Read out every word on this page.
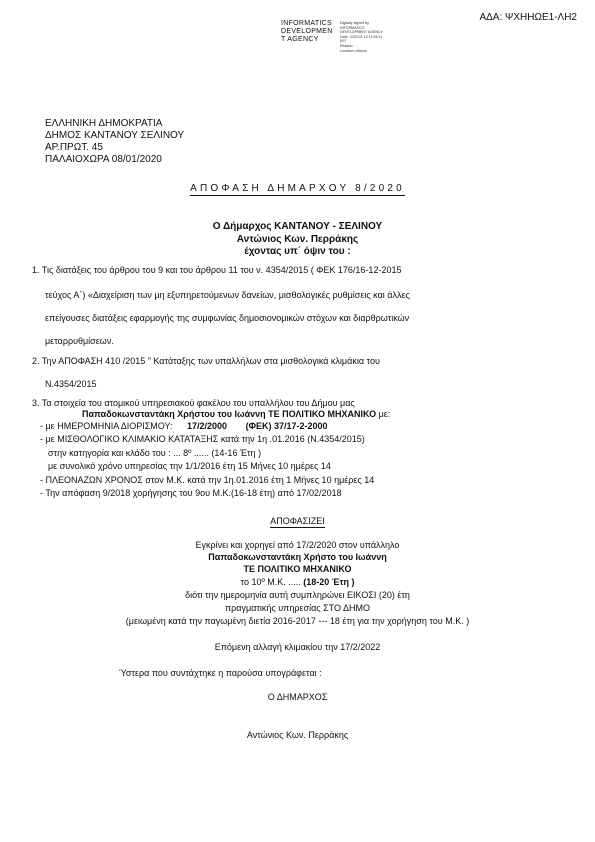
ΑΔΑ: ΨΧΗΗΩΕ1-ΛΗ2
INFORMATICS
DEVELOPMEN
T AGENCY
Digitally signed by
INFORMATICS
DEVELOPMENT AGENCY
Date: 2020.01.13 11:25:21
EET
Reason:
Location: Athens
ΕΛΛΗΝΙΚΗ ΔΗΜΟΚΡΑΤΙΑ
ΔΗΜΟΣ ΚΑΝΤΑΝΟΥ ΣΕΛΙΝΟΥ
ΑΡ.ΠΡΩΤ. 45
ΠΑΛΑΙΟΧΩΡΑ 08/01/2020
ΑΠΟΦΑΣΗ ΔΗΜΑΡΧΟΥ 8/2020
Ο Δήμαρχος ΚΑΝΤΑΝΟΥ - ΣΕΛΙΝΟΥ
Αντώνιος Κων. Περράκης
έχοντας υπ΄ όψιν του :
1. Τις διατάξεις του άρθρου του 9 και του άρθρου 11 του ν. 4354/2015 ( ΦΕΚ 176/16-12-2015
τεύχος Α΄) «Διαχείριση των μη εξυπηρετούμενων δανείων, μισθολογικές ρυθμίσεις και άλλες
επείγουσες διατάξεις εφαρμογής της συμφωνίας δημοσιονομικών στόχων και διαρθρωτικών
μεταρρυθμίσεων.
2. Την ΑΠΟΦΑΣΗ 410 /2015 " Κατάταξης των υπαλλήλων στα μισθολογικά κλιμάκια του
Ν.4354/2015
3. Τα στοιχεία του ατομικού υπηρεσιακού φακέλου του υπαλλήλου του Δήμου μας
Παπαδοκωνσταντάκη Χρήστου του Ιωάννη ΤΕ ΠΟΛΙΤΙΚΟ ΜΗΧΑΝΙΚΟ με:
- με ΗΜΕΡΟΜΗΝΙΑ ΔΙΟΡΙΣΜΟΥ: 17/2/2000 (ΦΕΚ) 37/17-2-2000
- με ΜΙΣΘΟΛΟΓΙΚΟ ΚΛΙΜΑΚΙΟ ΚΑΤΑΤΑΞΗΣ κατά την 1η .01.2016 (Ν.4354/2015)
στην κατηγορία και κλάδο του : ... 8º ...... (14-16 Έτη )
με συνολικό χρόνο υπηρεσίας την 1/1/2016 έτη 15 Μήνες 10 ημέρες 14
- ΠΛΕΟΝΑΖΩΝ ΧΡΟΝΟΣ στον Μ.Κ. κατά την 1η.01.2016 έτη 1 Μήνες 10 ημέρες 14
- Την απόφαση 9/2018 χορήγησης του 9ου Μ.Κ.(16-18 έτη) από 17/02/2018
ΑΠΟΦΑΣΙΖΕΙ
Εγκρίνει και χορηγεί από 17/2/2020 στον υπάλληλο
Παπαδοκωνσταντάκη Χρήστο του Ιωάννη
ΤΕ ΠΟΛΙΤΙΚΟ ΜΗΧΑΝΙΚΟ
το 10º Μ.Κ. ..... (18-20 Έτη )
διότι την ημερομηνία αυτή συμπληρώνει ΕΙΚΟΣΙ (20) έτη
πραγματικής υπηρεσίας ΣΤΟ ΔΗΜΟ
(μειωμένη κατά την παγωμένη διετία 2016-2017 --- 18 έτη για την χορήγηση του Μ.Κ. )
Επόμενη αλλαγή κλιμακίου την 17/2/2022
Ύστερα που συντάχτηκε η παρούσα υπογράφεται :
Ο ΔΗΜΑΡΧΟΣ
Αντώνιος Κων. Περράκης
